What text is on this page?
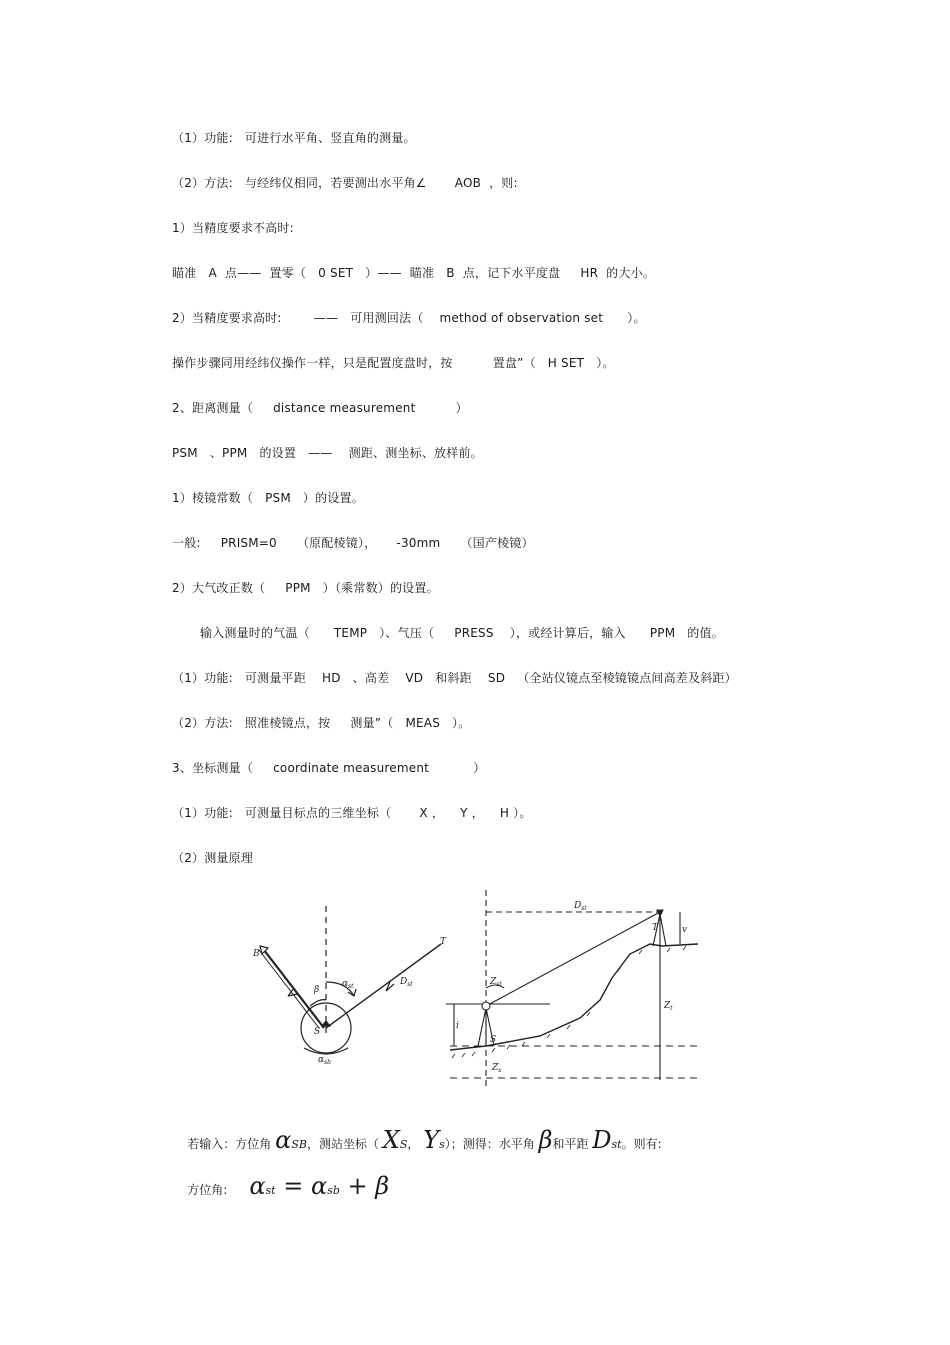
（1）功能:   可进行水平角、竖直角的测量。
（2）方法:   与经纬仪相同，若要测出水平角∠       AOB  ，则:
1）当精度要求不高时:
瞄准   A  点——  置零（   0 SET   ）——  瞄准   B  点，记下水平度盘     HR  的大小。
2）当精度要求高时:        ——   可用测回法（    method of observation set      ）。
操作步骤同用经纬仪操作一样，只是配置度盘时，按          置盘”（   H SET   ）。
2、距离测量（     distance measurement          ）
PSM   、PPM   的设置   ——    测距、测坐标、放样前。
1）棱镜常数（   PSM   ）的设置。
一般:     PRISM=0     （原配棱镜），     -30mm     （国产棱镜）
2）大气改正数（     PPM   ）（乘常数）的设置。
输入测量时的气温（      TEMP   ）、气压（     PRESS    ），或经计算后，输入      PPM   的值。
（1）功能:   可测量平距    HD   、高差    VD   和斜距    SD   （全站仪镜点至棱镜镜点间高差及斜距）
（2）方法:   照准棱镜点，按     测量”（   MEAS   ）。
3、坐标测量（     coordinate measurement           ）
（1）功能:   可测量目标点的三维坐标（       X ，    Y ，    H ）。
（2）测量原理
B
β
$\alpha_{st}$	$D_{st}$
S
$\alpha_{sb}$
T
$D_{st}$
$Z_{st}$
T
S
i
v
$Z_t$
$Z_s$

若输入：方位角 αSB，测站坐标（ XS， Ys）；测得：水平角 β和平距 Dst。则有:

方位角: αst = αsb + β
